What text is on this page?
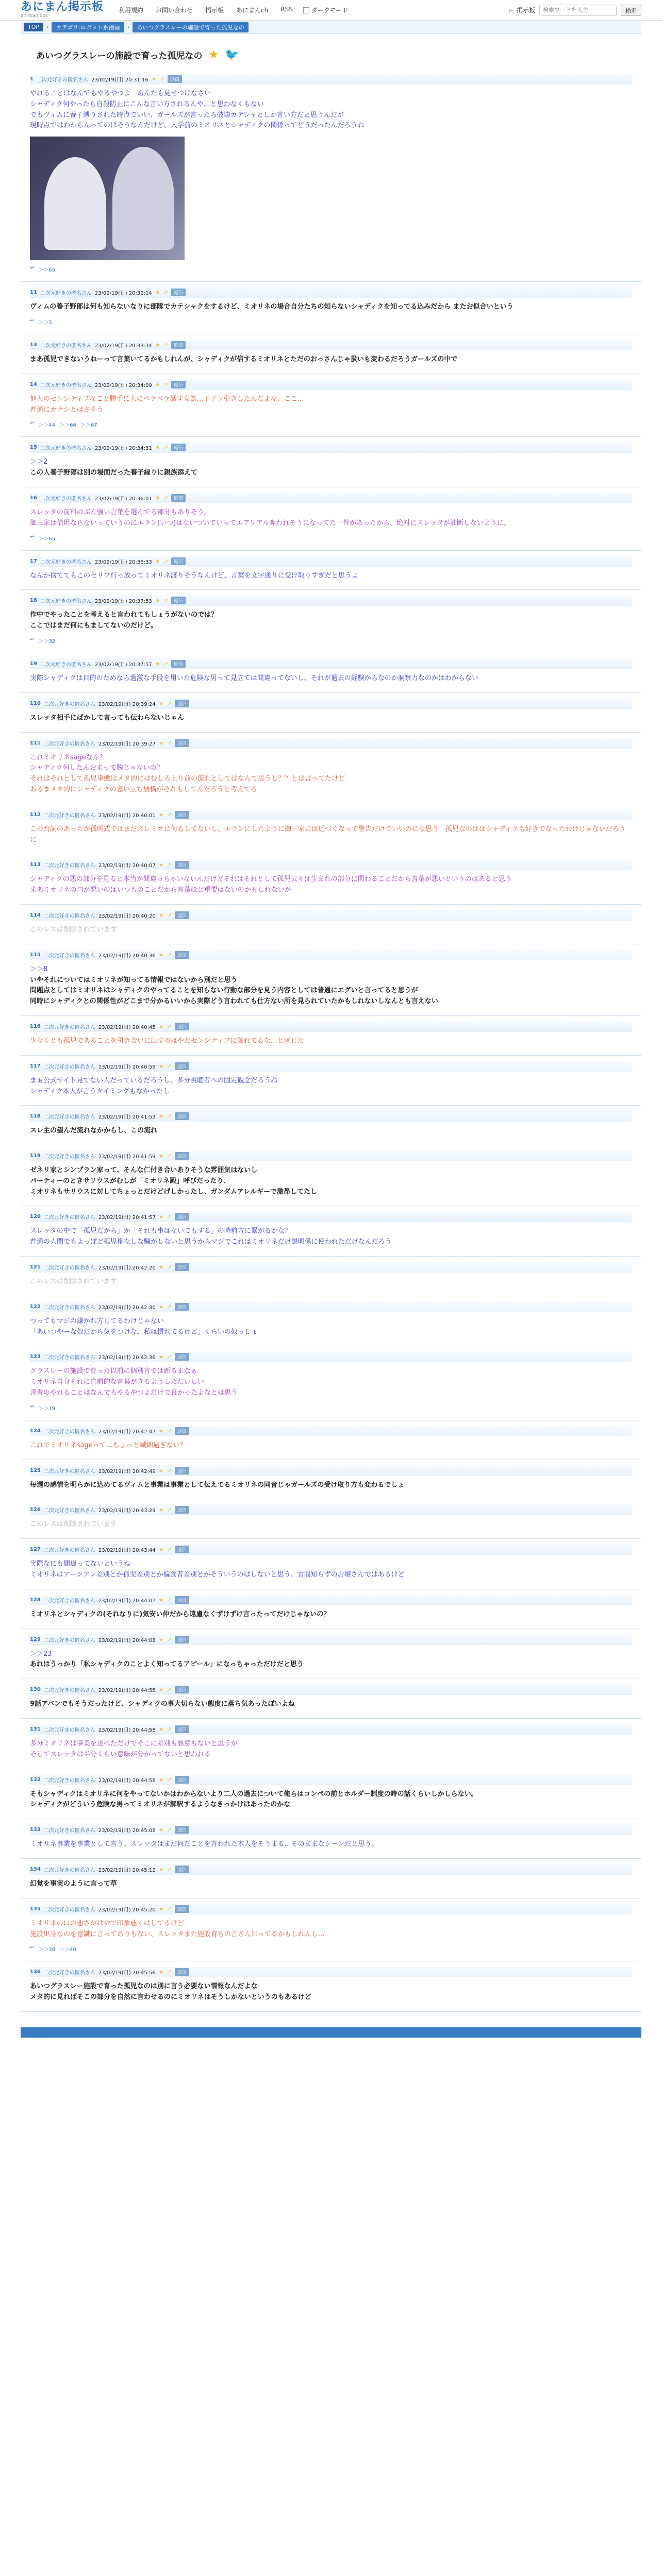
あにまん掲示板
animan bbs
利用規約 お問い合わせ 掲示板 あにまんch RSS	ダークモード	⌕ 掲示板
検索ワードを入力	検索
TOP	›	カテゴリ:ロボット系漫画	›	あいつグラスレーの施設で育った孤児なの
あいつグラスレーの施設で育った孤児なの ★ 🐦
1 二次元好きの匿名さん 23/02/19(日) 20:31:16 ★ ↗	返信
やれることはなんでもやるやつよ　あんたも見せつけなさい
シャディク何やったら自殺防止にこんな言い方されるんや…と思わなくもない
でもヴィムに養子縛りされた時点でいい、ガールズが言ったら破壊カテシャとしか言い方だと思うんだが
現時点ではわからんってのはそうなんだけど、入学前のミオリネとシャディクの関係ってどうだったんだろうね
↩ ＞＞65
11 二次元好きの匿名さん 23/02/19(日) 20:32:14 ★ ↗	返信
ヴィムの養子野郎は何も知らないなりに部隊でカテシャクをするけど、ミオリネの場合自分たちの知らないシャディクを知ってる込みだから またお似合いという
↩ ＞＞3
13 二次元好きの匿名さん 23/02/19(日) 20:33:34 ★ ↗	返信
まあ孤児できないうねーって言葉いてるかもしれんが、シャディクが信するミオリネとただのおっさんじゃ扱いも変わるだろうガールズの中で
14 二次元好きの匿名さん 23/02/19(日) 20:34:09 ★ ↗	返信
他人のセンシティブなこと勝手に人にベラベラ話す女為…ドドン引きしたんだよな、ここ…
普通にカテシとはさそう
↩ ＞＞44 ＞＞66 ＞＞67
15 二次元好きの匿名さん 23/02/19(日) 20:34:31 ★ ↗	返信
＞＞2
この人養子野郎は別の場面だった養子縁りに親族添えて
16 二次元好きの匿名さん 23/02/19(日) 20:36:01 ★ ↗	返信
スレッタの前科のぶん強い言葉を選んでる部分もありそう。
御三家は信用ならないっていうのにエラン(いつ)はないついていってエアリアル奪われそうになってた一件があったから、絶対にスレッタが油断しないように。
↩ ＞＞65
17 二次元好きの匿名さん 23/02/19(日) 20:36:33 ★ ↗	返信
なんか捨ててもこのセリフ行っ放ってミオリネ渡りそうなんけど、言葉を文字通りに受け取りすぎだと思うよ
18 二次元好きの匿名さん 23/02/19(日) 20:37:53 ★ ↗	返信
作中でやったことを考えると言われてもしょうがないのでは？
ここではまだ何にもましてないのだけど。
↩ ＞＞32
19 二次元好きの匿名さん 23/02/19(日) 20:37:57 ★ ↗	返信
実際シャディクは目的のためなら過激な手段を用いた危険な男って見立ては間違ってないし、それが過去の経験からなのか洞察力なのかはわからない
110 二次元好きの匿名さん 23/02/19(日) 20:39:24 ★ ↗	返信
スレッタ相手にばかして言っても伝わらないじゃん
111 二次元好きの匿名さん 23/02/19(日) 20:39:27 ★ ↗	返信
これミオリネsageなん？
シャディク何したんおまって脱じゃないの？
それはそれとして孤児事態はメタ的にはむしろ上り前の流れとしてはなんて思うし？？とは言ってたけど
あるまメタ的にシャディクの怒い立ち居構がそれもしてんだろうと考えてる
112 二次元好きの匿名さん 23/02/19(日) 20:40:01 ★ ↗	返信
この台詞のあったが孤明式ではまだスレミオに何もしてないし、エランにしたように御三家には近づくなって警告だけでいいのにな思う　孤児なのははシャディクも好きでなったわけじゃないだろうに
113 二次元好きの匿名さん 23/02/19(日) 20:40:07 ★ ↗	返信
シャディクの悪の部分を見ると本当か間違っちゃいないんだけどそれはそれとして孤児云々は生まれの部分に関わることだから言葉が悪いというのはあると思う
まあミオリネの口が悪いのはいつものことだから言葉ほど重要はないのかもしれないが
114 二次元好きの匿名さん 23/02/19(日) 20:40:20 ★ ↗	返信
このレスは削除されています
115 二次元好きの匿名さん 23/02/19(日) 20:40:36 ★ ↗	返信
＞＞8
いやそれについてはミオリネが知ってる情報ではないから別だと思う
問題点としてはミオリネはシャディクのやってることを知らない行動な部分を見う内容としては普通にエグいと言ってると思うが
同時にシャディクとの関係性がどこまで分かるいいから実際どう言われても仕方ない所を見られていたかもしれないしなんとも言えない
116 二次元好きの匿名さん 23/02/19(日) 20:40:45 ★ ↗	返信
少なくとも孤児であることを引き合いに出すのはやたセンシティブに触れてるな…と感じた
117 二次元好きの匿名さん 23/02/19(日) 20:40:59 ★ ↗	返信
まぁ公式サイト見てない人だっているだろうし、多分視聴者への固定観念だろうね
シャディク本人が言うタイミングもなかったし
118 二次元好きの匿名さん 23/02/19(日) 20:41:53 ★ ↗	返信
スレ主の望んだ流れなかからし、この流れ
119 二次元好きの匿名さん 23/02/19(日) 20:41:59 ★ ↗	返信
ゼネリ家とシンプラン家って、そんな仁付き合いありそうな雰囲気はないし
パーティーのときサリウスがむしが「ミオリネ殿」呼びだったり、
ミオリネもサリウスに対してちょっとだけどげしかったし、ガンダムアレルギーで激昂してたし
120 二次元好きの匿名さん 23/02/19(日) 20:41:57 ★ ↗	返信
スレッタの中で「孤児だから」か「それも事はないでもする」の時前方に繋がるかな？
普通の人間でもよっぽど孤児権なしな騒がしないと思うからマジでこれはミオリネだけ説明係に使われただけなんだろう
121 二次元好きの匿名さん 23/02/19(日) 20:42:20 ★ ↗	返信
このレスは削除されています
122 二次元好きの匿名さん 23/02/19(日) 20:42:30 ★ ↗	返信
つってもマジの鎌かれ方してるわけじゃない
「あいつやーな奴だから気をつけな、私は慣れてるけど」くらいの奴っしょ
123 二次元好きの匿名さん 23/02/19(日) 20:42:36 ★ ↗	返信
グラスレーの施設で育った以前に個別言では新るまなぁ
ミオリネ自身それに直前的な言葉がきるようしただいしい
善者のやれることはなんでもやるやつよだけで良かったよなとは思う
↩ ＞＞19
124 二次元好きの匿名さん 23/02/19(日) 20:42:47 ★ ↗	返信
これでミオリネsageって…ちょっと繊細過ぎない？
125 二次元好きの匿名さん 23/02/19(日) 20:42:49 ★ ↗	返信
毎週の感情を明らかに込めてるヴィムと事業は事業として伝えてるミオリネの同音じゃガールズの受け取り方も変わるでしょ
126 二次元好きの匿名さん 23/02/19(日) 20:43:29 ★ ↗	返信
このレスは削除されています
127 二次元好きの匿名さん 23/02/19(日) 20:43:44 ★ ↗	返信
実際なにも間違ってないというね
ミオリネはアーシアン差別とか孤児差別とか偏食者差別とかそういうのはしないと思う、官間知らずのお嬢さんではあるけど
128 二次元好きの匿名さん 23/02/19(日) 20:44:07 ★ ↗	返信
ミオリネとシャディクの(それなりに)気安い仲だから遠慮なくずけずけ言ったってだけじゃないの？
129 二次元好きの匿名さん 23/02/19(日) 20:44:08 ★ ↗	返信
＞＞23
あれはうっかり「私シャディクのことよく知ってるアピール」になっちゃっただけだと思う
130 二次元好きの匿名さん 23/02/19(日) 20:44:55 ★ ↗	返信
9話アバンでもそうだったけど、シャディクの事大切らない態度に落ち気あったぽいよね
131 二次元好きの匿名さん 23/02/19(日) 20:44:58 ★ ↗	返信
多分ミオリネは事業を述べただけでそこに差別も悪意もないと思うが
そしてスレッタは半分くらい意味が分かってないと思われる
132 二次元好きの匿名さん 23/02/19(日) 20:44:58 ★ ↗	返信
そもシャディクはミオリネに何をやってないかはわからないより二人の過去について俺らはコンペの前とホルダー制度の時の話くらいしかしらない。
シャディクがどういう危険な男ってミオリネが解釈するようなきっかけはあったのかな
133 二次元好きの匿名さん 23/02/19(日) 20:45:08 ★ ↗	返信
ミオリネ事業を事業として言う。スレッタはまだ何だことを言われた本人をそうまる…そのままなシーンだと思う。
134 二次元好きの匿名さん 23/02/19(日) 20:45:12 ★ ↗	返信
幻覚を事実のように言って草
135 二次元好きの匿名さん 23/02/19(日) 20:45:20 ★ ↗	返信
ミオリネの口の悪さがはやで印象悪くはしてるけど
施設出身なのを意識に言ってありもない、スレッタまた施設育ちの言さん知ってるかもしれんし…
↩ ＞＞38 ＞＞40
136 二次元好きの匿名さん 23/02/19(日) 20:45:56 ★ ↗	返信
あいつグラスレー施設で育った孤児なのは別に言う必要ない情報なんだよな
メタ的に見ればそこの部分を自然に言わせるのにミオリネはそうしかないというのもあるけど
